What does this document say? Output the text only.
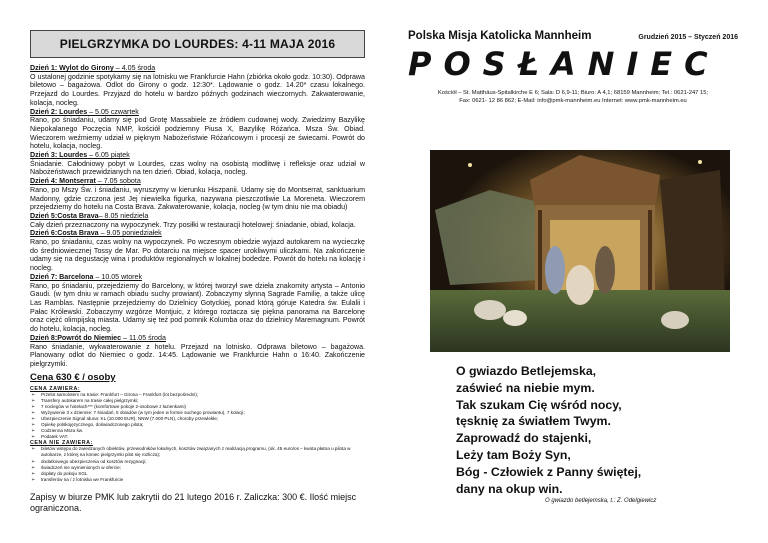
PIELGRZYMKA DO LOURDES: 4-11 MAJA 2016
Dzień 1: Wylot do Girony – 4.05 środa
O ustalonej godzinie spotykamy się na lotnisku we Frankfurcie Hahn (zbiórka około godz. 10:30). Odprawa biletowo – bagażowa. Odlot do Girony o godz. 12:30*. Lądowanie o godz. 14.20* czasu lokalnego. Przejazd do Lourdes. Przyjazd do hotelu w bardzo późnych godzinach wieczornych. Zakwaterowanie, kolacja, nocleg.
Dzień 2: Lourdes – 5.05 czwartek
Rano, po śniadaniu, udamy się pod Grotę Massabiele ze źródłem cudownej wody. Zwiedzimy Bazylikę Niepokalanego Poczęcia NMP, kościół podziemny Piusa X, Bazylikę Różańca. Msza Św. Obiad. Wieczorem weźmiemy udział w pięknym Nabożeństwie Różańcowym i procesji ze świecami. Powrót do hotelu, kolacja, nocleg.
Dzień 3: Lourdes – 6.05 piątek
Śniadanie. Całodniowy pobyt w Lourdes, czas wolny na osobistą modlitwę i refleksje oraz udział w Nabożeństwach przewidzianych na ten dzień. Obiad, kolacja, nocleg.
Dzień 4: Montserrat – 7.05 sobota
Rano, po Mszy Św. i śniadaniu, wyruszymy w kierunku Hiszpanii. Udamy się do Montserrat, sanktuarium Madonny, gdzie czczona jest Jej niewielka figurka, nazywana pieszczotliwie La Moreneta. Wieczorem przejedziemy do hotelu na Costa Brava. Zakwaterowanie, kolacja, nocleg (w tym dniu nie ma obiadu)
Dzień 5:Costa Brava– 8.05 niedziela
Cały dzień przeznaczony na wypoczynek. Trzy posiłki w restauracji hotelowej: śniadanie, obiad, kolacja.
Dzień 6:Costa Brava – 9.05 poniedziałek
Rano, po śniadaniu, czas wolny na wypoczynek. Po wczesnym obiedzie wyjazd autokarem na wycieczkę do średniowiecznej Tossy de Mar. Po dotarciu na miejsce spacer urokliwymi uliczkami. Na zakończenie udamy się na degustację wina i produktów regionalnych w lokalnej bodedze. Powrót do hotelu na kolację i nocleg.
Dzień 7: Barcelona – 10.05 wtorek
Rano, po śniadaniu, przejedziemy do Barcelony, w której tworzył swe dzieła znakomity artysta – Antonio Gaudi. (w tym dniu w ramach obiadu suchy prowiant). Zobaczymy słynną Sagrade Familię, a także ulicę Las Ramblas. Następnie przejedziemy do Dzielnicy Gotyckiej, ponad którą góruje Katedra św. Eulalii i Pałac Królewski. Zobaczymy wzgórze Montjuic, z którego roztacza się piękna panorama na Barcelonę oraz ciężć olimpijską miasta. Udamy się też pod pomnik Kolumba oraz do dzielnicy Maremagnum. Powrót do hotelu, kolacja, nocleg.
Dzień 8:Powrót do Niemiec – 11.05 środa
Rano śniadanie, wykwaterowanie z hotelu. Przejazd na lotnisko. Odprawa biletowo – bagażowa. Planowany odlot do Niemiec o godz. 14:45. Lądowanie we Frankfurcie Hahn o 16:40. Zakończenie pielgrzymki.
Cena 630 € / osoby
CENA ZAWIERA:
➢ Przelot samolotem na trasie: Frankfurt – Girona – Frankfurt (lot bezpośredni);
➢ Transfery autokarem na trasie całej pielgrzymki;
➢ 7 noclegów w hotelach*** (komfortowe pokoje 2-osobowe z łazienkami)
➢ Wyżywienie 3 x dziennie: 7 śniadań, 5 obiadów (w tym jeden w formie suchego prowiantu), 7 kolacji;
➢ Ubezpieczenie Signal Iduna: KL (10.000 EUR), NNW (7.000 PLN), choroby przewlekłe;
➢ Opiekę polskojęzycznego, doświadczonego pilota;
➢ Codzienna Msza św.
➢ Podatek VAT.
CENA NIE ZAWIERA:
➢ biletów wstępu do zwiedzanych obiektów, przewodników lokalnych, kosztów związanych z realizacją programu, (ok. 45 euro/os – kwota płatna u pilota w autokarze, z której na koniec pielgrzymki pilot się rozlicza);
➢ dodatkowego ubezpieczenia od kosztów rezygnacji;
➢ świadczeń nie wymienionych w ofercie;
➢ dopłaty do pokoju SGL
➢ transferów na / z lotniska we Frankfurcie
Zapisy w biurze PMK lub zakrytii do 21 lutego 2016 r. Zaliczka: 300 €. Ilość miejsc ograniczona.
Polska Misja Katolicka Mannheim	Grudzień 2015 – Styczeń 2016
POSŁANIEC
Kościół – St. Matthäus-Spitalkirche E 6; Sala: D 6,9-11; Biuro: A 4,1; 68159 Mannheim; Tel.: 0621-247 15;
Fax: 0621- 12 86 862; E-Mail: info@pmk-mannheim.eu Internet: www.pmk-mannheim.eu
O gwiazdo Betlejemska,
zaświeć na niebie mym.
Tak szukam Cię wśród nocy,
tęsknię za światłem Twym.
Zaprowadź do stajenki,
Leży tam Boży Syn,
Bóg - Człowiek z Panny świętej,
dany na okup win.
O gwiazdo betlejemska, t.: Z. Odelgiewicz
